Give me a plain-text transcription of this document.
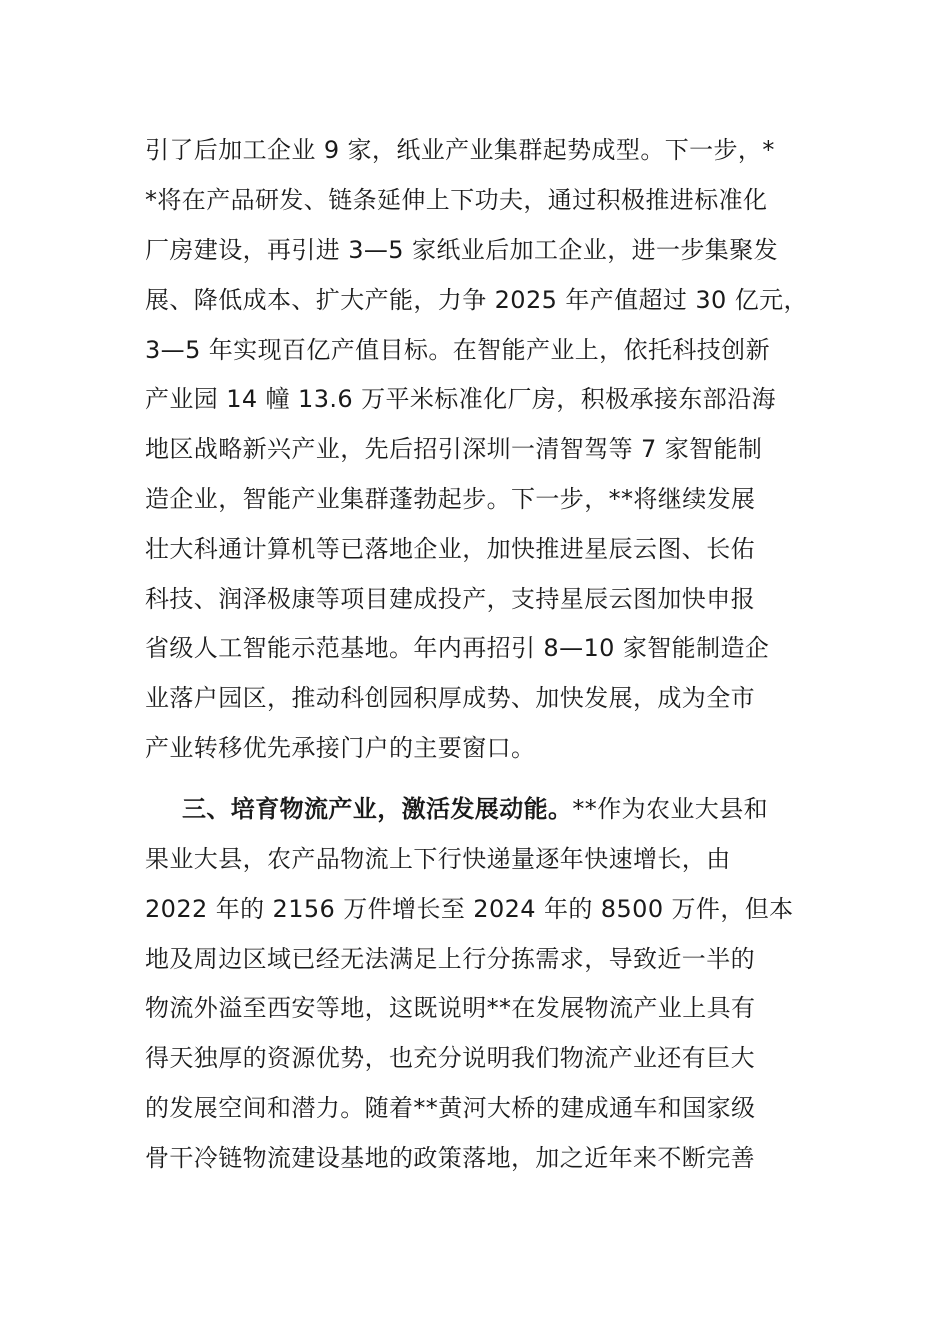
引了后加工企业 9 家，纸业产业集群起势成型。下一步，*
*将在产品研发、链条延伸上下功夫，通过积极推进标准化
厂房建设，再引进 3—5 家纸业后加工企业，进一步集聚发
展、降低成本、扩大产能，力争 2025 年产值超过 30 亿元，
3—5 年实现百亿产值目标。在智能产业上，依托科技创新
产业园 14 幢 13.6 万平米标准化厂房，积极承接东部沿海
地区战略新兴产业，先后招引深圳一清智驾等 7 家智能制
造企业，智能产业集群蓬勃起步。下一步，**将继续发展
壮大科通计算机等已落地企业，加快推进星辰云图、长佑
科技、润泽极康等项目建成投产，支持星辰云图加快申报
省级人工智能示范基地。年内再招引 8—10 家智能制造企
业落户园区，推动科创园积厚成势、加快发展，成为全市
产业转移优先承接门户的主要窗口。
三、培育物流产业，激活发展动能。**作为农业大县和
果业大县，农产品物流上下行快递量逐年快速增长，由
2022 年的 2156 万件增长至 2024 年的 8500 万件，但本
地及周边区域已经无法满足上行分拣需求，导致近一半的
物流外溢至西安等地，这既说明**在发展物流产业上具有
得天独厚的资源优势，也充分说明我们物流产业还有巨大
的发展空间和潜力。随着**黄河大桥的建成通车和国家级
骨干冷链物流建设基地的政策落地，加之近年来不断完善
